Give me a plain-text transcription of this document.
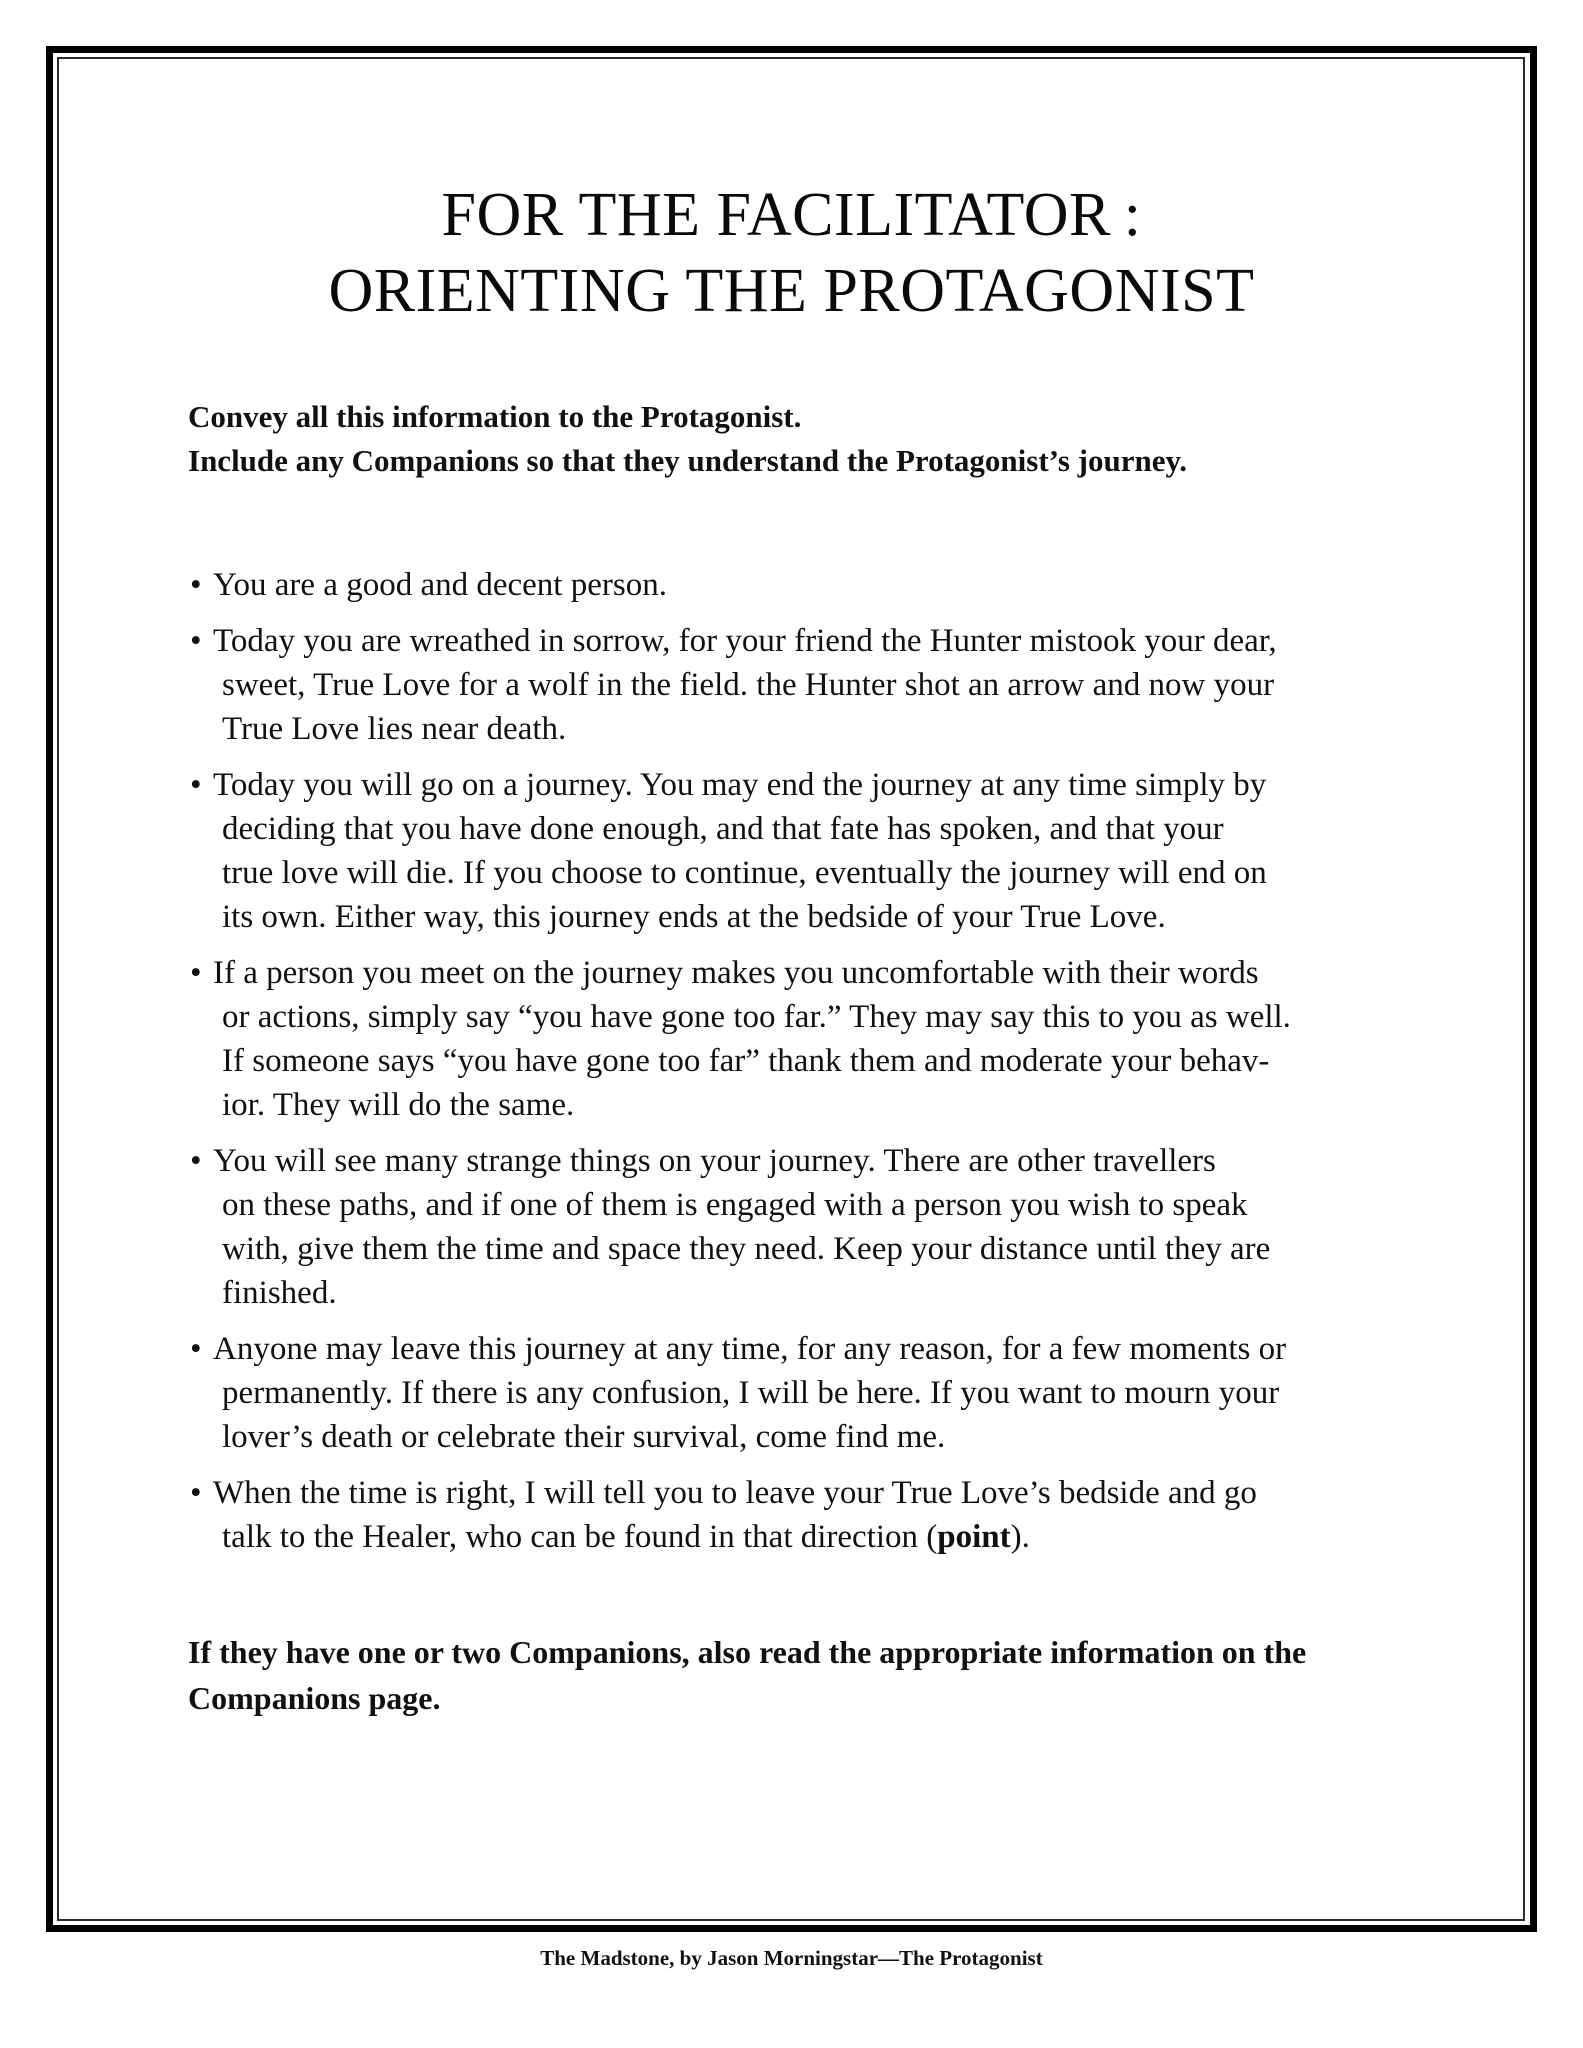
FOR THE FACILITATOR :
ORIENTING THE PROTAGONIST
Convey all this information to the Protagonist.
Include any Companions so that they understand the Protagonist’s journey.
• You are a good and decent person.
• Today you are wreathed in sorrow, for your friend the Hunter mistook your dear,
sweet, True Love for a wolf in the field. the Hunter shot an arrow and now your
True Love lies near death.
• Today you will go on a journey. You may end the journey at any time simply by
deciding that you have done enough, and that fate has spoken, and that your
true love will die. If you choose to continue, eventually the journey will end on
its own. Either way, this journey ends at the bedside of your True Love.
• If a person you meet on the journey makes you uncomfortable with their words
or actions, simply say “you have gone too far.” They may say this to you as well.
If someone says “you have gone too far” thank them and moderate your behav-
ior. They will do the same.
• You will see many strange things on your journey. There are other travellers
on these paths, and if one of them is engaged with a person you wish to speak
with, give them the time and space they need. Keep your distance until they are
finished.
• Anyone may leave this journey at any time, for any reason, for a few moments or
permanently. If there is any confusion, I will be here. If you want to mourn your
lover’s death or celebrate their survival, come find me.
• When the time is right, I will tell you to leave your True Love’s bedside and go
talk to the Healer, who can be found in that direction (point).
If they have one or two Companions, also read the appropriate information on the
Companions page.
The Madstone, by Jason Morningstar—The Protagonist
